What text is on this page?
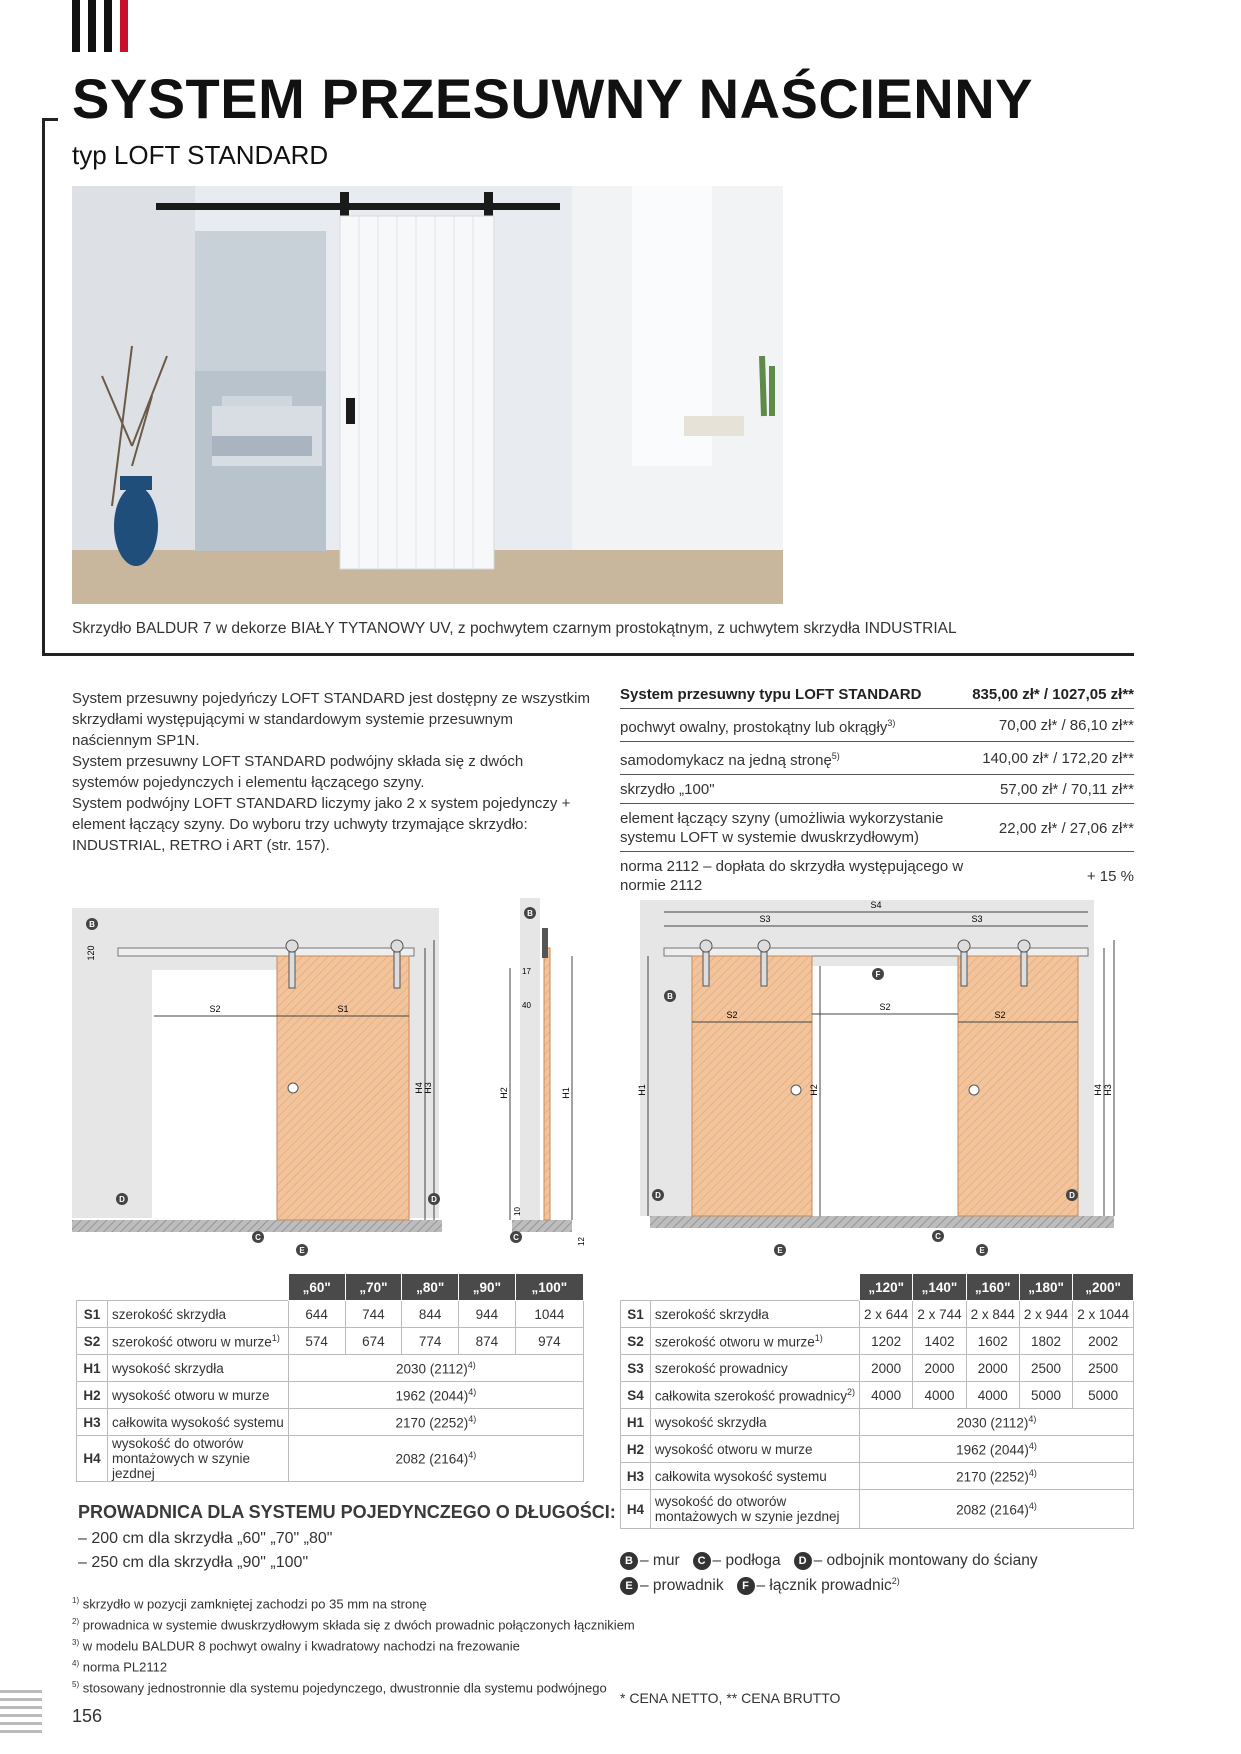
SYSTEM PRZESUWNY NAŚCIENNY
typ LOFT STANDARD
Skrzydło BALDUR 7 w dekorze BIAŁY TYTANOWY UV, z pochwytem czarnym prostokątnym, z uchwytem skrzydła INDUSTRIAL

System przesuwny pojedyńczy LOFT STANDARD jest dostępny ze wszystkim skrzydłami występującymi w standardowym systemie przesuwnym naściennym SP1N.

System przesuwny LOFT STANDARD podwójny składa się z dwóch systemów pojedynczych i elementu łączącego szyny.

System podwójny LOFT STANDARD liczymy jako 2 x system pojedynczy + element łączący szyny. Do wyboru trzy uchwyty trzymające skrzydło: INDUSTRIAL, RETRO i ART (str. 157).

System przesuwny typu LOFT STANDARD	835,00 zł* / 1027,05 zł**
pochwyt owalny, prostokątny lub okrągły$^{3)}$	70,00 zł* / 86,10 zł**
samodomykacz na jedną stronę$^{5)}$	140,00 zł* / 172,20 zł**
skrzydło „100"	57,00 zł* / 70,11 zł**
element łączący szyny (umożliwia wykorzystanie systemu LOFT w systemie dwuskrzydłowym)	22,00 zł* / 27,06 zł**
norma 2112 – dopłata do skrzydła występującego w normie 2112	+ 15 %
S2	S1
H4 H3
120
B
D	D
C
E
H2	H1
17
40
10
12
B
C
S4
S3	S3
S2
S2
S2
H1	H2	H4 H3
B
F
D	D
E
C
E
		„60"	„70"	„80"	„90"	„100"
S1	szerokość skrzydła	644	744	844	944	1044
S2	szerokość otworu w murze$^{1)}$	574	674	774	874	974
H1	wysokość skrzydła	2030 $(2112)^{4)}$
H2	wysokość otworu w murze	1962 $(2044)^{4)}$
H3	całkowita wysokość systemu	2170 $(2252)^{4)}$
H4	wysokość do otworów montażowych w szynie jezdnej	2082 $(2164)^{4)}$
		„120"	„140"	„160"	„180"	„200"
S1	szerokość skrzydła	2 x 644	2 x 744	2 x 844	2 x 944	2 x 1044
S2	szerokość otworu w murze$^{1)}$	1202	1402	1602	1802	2002
S3	szerokość prowadnicy	2000	2000	2000	2500	2500
S4	całkowita szerokość prowadnicy$^{2)}$	4000	4000	4000	5000	5000
H1	wysokość skrzydła	2030 $(2112)^{4)}$
H2	wysokość otworu w murze	1962 $(2044)^{4)}$
H3	całkowita wysokość systemu	2170 $(2252)^{4)}$
H4	wysokość do otworów montażowych w szynie jezdnej	2082 $(2164)^{4)}$
PROWADNICA DLA SYSTEMU POJEDYNCZEGO O DŁUGOŚCI:
– 200 cm dla skrzydła „60" „70" „80"
– 250 cm dla skrzydła „90" „100"	B – mur C – podłoga D – odbojnik montowany do ściany
E – prowadnik F – łącznik prowadnic$^{2)}$
$^{1)}$ skrzydło w pozycji zamkniętej zachodzi po 35 mm na stronę
$^{2)}$ prowadnica w systemie dwuskrzydłowym składa się z dwóch prowadnic połączonych łącznikiem
$^{3)}$ w modelu BALDUR 8 pochwyt owalny i kwadratowy nachodzi na frezowanie
$^{4)}$ norma PL2112
$^{5)}$ stosowany jednostronnie dla systemu pojedynczego, dwustronnie dla systemu podwójnego
* CENA NETTO, ** CENA BRUTTO
156
